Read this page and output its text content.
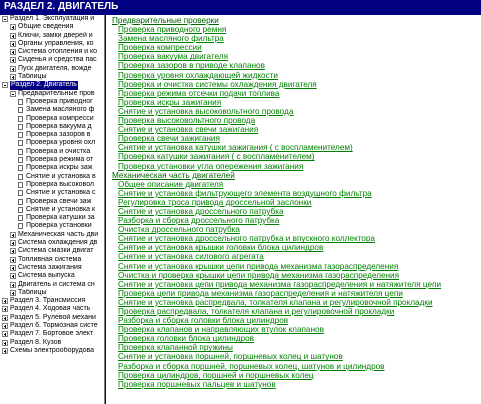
РАЗДЕЛ 2. ДВИГАТЕЛЬ
Раздел 1. Эксплуатация и
Общие сведения
Ключи, замки дверей и
Органы управления, ко
Система отопления и ко
Сиденья и средства пас
Пуск двигателя, вожде
Таблицы
Раздел 2. Двигатель
Предварительные пров
Проверка приводног
Замена масляного ф
Проверка компресси
Проверка вакуума д
Проверка зазоров в
Проверка уровня охл
Проверка и очистка
Проверка режима от
Проверка искры заж
Снятие и установка в
Проверка высоковол
Снятие и установка с
Проверка свечи заж
Снятие и установка к
Проверка катушки зa
Проверка установки
Механическая часть дви
Система охлаждения дв
Система смазки двигат
Топливная система
Система зажигания
Система выпуска
Двигатель и система сн
Таблицы
Раздел 3. Трансмиссия
Раздел 4. Ходовая часть
Раздел 5. Рулевой механи
Раздел 6. Тормозная систе
Раздел 7. Бортовое элект
Раздел 8. Кузов
Схемы электрооборудова
Предварительные проверки
Проверка приводного ремня
Замена масляного фильтра
Проверка компрессии
Проверка вакуума двигателя
Проверка зазоров в приводе клапанов
Проверка уровня охлаждающей жидкости
Проверка и очистка системы охлаждения двигателя
Проверка режима отсечки подачи топлива
Проверка искры зажигания
Снятие и установка высоковольтного провода
Проверка высоковольтного провода
Снятие и установка свечи зажигания
Проверка свечи зажигания
Снятие и установка катушки зажигания ( с воспламенителем)
Проверка катушки зажигания ( с воспламенителем)
Проверка установки угла опережения зажигания
Механическая часть двигателей
Общее описание двигателя
Снятие и установка фильтрующего элемента воздушного фильтра
Регулировка троса привода дроссельной заслонки
Снятие и установка дроссельного патрубка
Разборка и сборка дроссельного патрубка
Очистка дроссельного патрубка
Снятие и установка дроссельного патрубка и впускного коллектора
Снятие и установка крышки головки блока цилиндров
Снятие и установка силового агрегата
Снятие и установка крышки цепи привода механизма газораспределения
Очистка и проверка крышки цепи привода механизма газораспределения
Снятие и установка цепи привода механизма газораспределения и натяжителя цепи
Проверка цепи привода механизма газораспределения и натяжителя цепи
Снятие и установка распредвала, толкателя клапана и регулировочной прокладки
Проверка распредвала, толкателя клапана и регулировочной прокладки
Разборка и сборка головки блока цилиндров
Проверка клапанов и направляющих втулок клапанов
Проверка головки блока цилиндров
Проверка клапанной пружины
Снятие и установка поршней, поршневых колец и шатунов
Разборка и сборка поршней, поршневых колец, шатунов и цилиндров
Проверка цилиндров, поршней и поршневых колец
Проверка поршневых пальцев и шатунов
